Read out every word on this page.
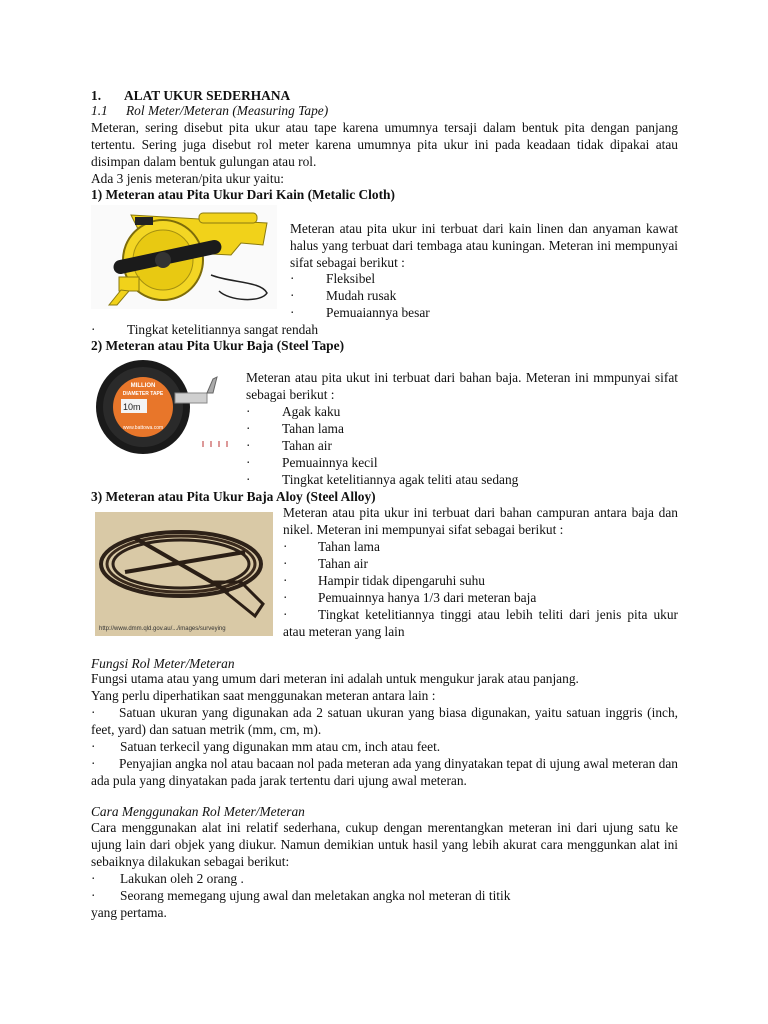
1. ALAT UKUR SEDERHANA
1.1 Rol Meter/Meteran (Measuring Tape)
Meteran, sering disebut pita ukur atau tape karena umumnya tersaji dalam bentuk pita dengan panjang tertentu. Sering juga disebut rol meter karena umumnya pita ukur ini pada keadaan tidak dipakai atau disimpan dalam bentuk gulungan atau rol.
Ada 3 jenis meteran/pita ukur yaitu:
1) Meteran atau Pita Ukur Dari Kain (Metalic Cloth)
Meteran atau pita ukur ini terbuat dari kain linen dan anyaman kawat halus yang terbuat dari tembaga atau kuningan. Meteran ini mempunyai sifat sebagai berikut :
· Fleksibel
· Mudah rusak
· Pemuaiannya besar
· Tingkat ketelitiannya sangat rendah
2) Meteran atau Pita Ukur Baja (Steel Tape)
MILLION
DIAMETER TAPE
10m
www.battowa.com
Meteran atau pita ukut ini terbuat dari bahan baja. Meteran ini mmpunyai sifat sebagai berikut :
· Agak kaku
· Tahan lama
· Tahan air
· Pemuainnya kecil
· Tingkat ketelitiannya agak teliti atau sedang
3) Meteran atau Pita Ukur Baja Aloy (Steel Alloy)
http://www.dmm.qld.gov.au/.../images/surveying
Meteran atau pita ukur ini terbuat dari bahan campuran antara baja dan nikel. Meteran ini mempunyai sifat sebagai berikut :
· Tahan lama
· Tahan air
· Hampir tidak dipengaruhi suhu
· Pemuainnya hanya 1/3 dari meteran baja
·	Tingkat ketelitiannya tinggi atau lebih teliti dari jenis pita ukur atau meteran yang lain
Fungsi Rol Meter/Meteran
Fungsi utama atau yang umum dari meteran ini adalah untuk mengukur jarak atau panjang.
Yang perlu diperhatikan saat menggunakan meteran antara lain :
·	Satuan ukuran yang digunakan ada 2 satuan ukuran yang biasa digunakan, yaitu satuan inggris (inch, feet, yard) dan satuan metrik (mm, cm, m).
· Satuan terkecil yang digunakan mm atau cm, inch atau feet.
·	Penyajian angka nol atau bacaan nol pada meteran ada yang dinyatakan tepat di ujung awal meteran dan ada pula yang dinyatakan pada jarak tertentu dari ujung awal meteran.
Cara Menggunakan Rol Meter/Meteran
Cara menggunakan alat ini relatif sederhana, cukup dengan merentangkan meteran ini dari ujung satu ke ujung lain dari objek yang diukur. Namun demikian untuk hasil yang lebih akurat cara menggunkan alat ini sebaiknya dilakukan sebagai berikut:
· Lakukan oleh 2 orang .
· Seorang memegang ujung awal dan meletakan angka nol meteran di titik
yang pertama.
